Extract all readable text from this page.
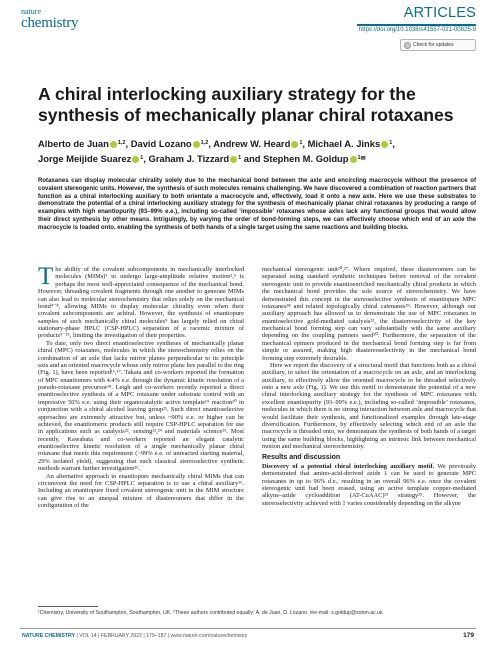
nature
chemistry
ARTICLES
https://doi.org/10.1038/s41557-021-00825-9
Check for updates
A chiral interlocking auxiliary strategy for the synthesis of mechanically planar chiral rotaxanes
Alberto de Juan $^{1,2}$, David Lozano $^{1,2}$, Andrew W. Heard $^1$, Michael A. Jinks $^1$,
Jorge Meijide Suarez $^1$, Graham J. Tizzard $^1$ and Stephen M. Goldup $^{1✉}$

Rotaxanes can display molecular chirality solely due to the mechanical bond between the axle and encircling macrocycle without the presence of covalent stereogenic units. However, the synthesis of such molecules remains challenging. We have discovered a combination of reaction partners that function as a chiral interlocking auxiliary to both orientate a macrocycle and, effectively, load it onto a new axle. Here we use these substrates to demonstrate the potential of a chiral interlocking auxiliary strategy for the synthesis of mechanically planar chiral rotaxanes by producing a range of examples with high enantiopurity (93–99% e.e.), including so-called ‘impossible’ rotaxanes whose axles lack any functional groups that would allow their direct synthesis by other means. Intriguingly, by varying the order of bond-forming steps, we can effectively choose which end of an axle the macrocycle is loaded onto, enabling the synthesis of both hands of a single target using the same reactions and building blocks.

The ability of the covalent subcomponents in mechanically interlocked molecules (MIMs)¹ to undergo large-amplitude relative motion²,³ is perhaps the most well-appreciated consequence of the mechanical bond. However, threading covalent fragments through one another to generate MIMs can also lead to molecular stereochemistry that relies solely on the mechanical bond⁴⁻⁸, allowing MIMs to display molecular chirality even when their covalent subcomponents are achiral. However, the synthesis of enantiopure samples of such mechanically chiral molecules⁹ has largely relied on chiral stationary-phase HPLC (CSP-HPLC) separation of a racemic mixture of products⁹⁻¹⁵, limiting the investigation of their properties.

To date, only two direct enantioselective syntheses of mechanically planar chiral (MPC) rotaxanes, molecules in which the stereochemistry relies on the combination of an axle that lacks mirror planes perpendicular to its principle axis and an oriented macrocycle whose only mirror plane lies parallel to the ring (Fig. 1), have been reported¹⁶,¹⁷. Takata and co-workers reported the formation of MPC enantiomers with 4.4% e.e. through the dynamic kinetic resolution of a pseudo-rotaxane precursor¹⁸. Leigh and co-workers recently reported a direct enantioselective synthesis of a MPC rotaxane under substrate control with an impressive 50% e.e. using their organocatalytic active template¹⁹ reaction²⁰ in conjunction with a chiral alcohol leaving group²¹. Such direct enantioselective approaches are extremely attractive but, unless ~90% e.e. or higher can be achieved, the enantiomeric products still require CSP-HPLC separation for use in applications such as catalysis²², sensing²³,²⁴ and materials science²⁵. Most recently, Kawabata and co-workers reported an elegant catalytic enantioselective kinetic resolution of a single mechanically planar chiral rotaxane that meets this requirement (>99% e.e. of unreacted starting material, 29% isolated yield), suggesting that such classical stereoselective synthetic methods warrant further investigation²⁶.

An alternative approach to enantiopure mechanically chiral MIMs that can circumvent the need for CSP-HPLC separation is to use a chiral auxiliary¹⁶. Including an enantiopure fixed covalent stereogenic unit in the MIM structure can give rise to an unequal mixture of diastereomers that differ in the configuration of the

mechanical stereogenic unit²⁰,²⁷. Where required, these diastereomers can be separated using standard synthetic techniques before removal of the covalent stereogenic unit to provide enantioenriched mechanically chiral products in which the mechanical bond provides the sole source of stereochemistry. We have demonstrated this concept in the stereoselective synthesis of enantiopure MPC rotaxanes²⁸ and related topologically chiral catenanes²⁹. However, although our auxiliary approach has allowed us to demonstrate the use of MPC rotaxanes in enantioselective gold-mediated catalysis²², the diastereoselectivity of the key mechanical bond forming step can vary substantially with the same auxiliary depending on the coupling partners used³⁰. Furthermore, the separation of the mechanical epimers produced in the mechanical bond forming step is far from simple or assured, making high diastereoselectivity in the mechanical bond forming step extremely desirable.

Here we report the discovery of a structural motif that functions both as a chiral auxiliary, to select the orientation of a macrocycle on an axle, and an interlocking auxiliary, to effectively allow the oriented macrocycle to be threaded selectively onto a new axle (Fig. 1). We use this motif to demonstrate the potential of a new chiral interlocking auxiliary strategy for the synthesis of MPC rotaxanes with excellent enantiopurity (93–99% e.e.), including so-called ‘impossible’ rotaxanes, molecules in which there is no strong interaction between axle and macrocycle that would facilitate their synthesis, and functionalized examples through late-stage diversification. Furthermore, by effectively selecting which end of an axle the macrocycle is threaded onto, we demonstrate the synthesis of both hands of a target using the same building blocks, highlighting an intrinsic link between mechanical motion and mechanical stereochemistry.

Results and discussion

Discovery of a potential chiral interlocking auxiliary motif. We previously demonstrated that amino-acid-derived azide 1 can be used to generate MPC rotaxanes in up to 96% d.e., resulting in an overall 96% e.e. once the covalent stereogenic unit had been erased, using an active template copper-mediated alkyne–azide cycloaddition (AT-CuAAC)³¹ strategy²⁹. However, the stereoselectivity achieved with 1 varies considerably depending on the alkyne

¹Chemistry, University of Southampton, Southampton, UK. ²These authors contributed equally: A. de Juan, D. Lozano. ✉e-mail: s.goldup@soton.ac.uk
NATURE CHEMISTRY | VOL 14 | FEBRUARY 2022 | 179–187 | www.nature.com/naturechemistry	179
